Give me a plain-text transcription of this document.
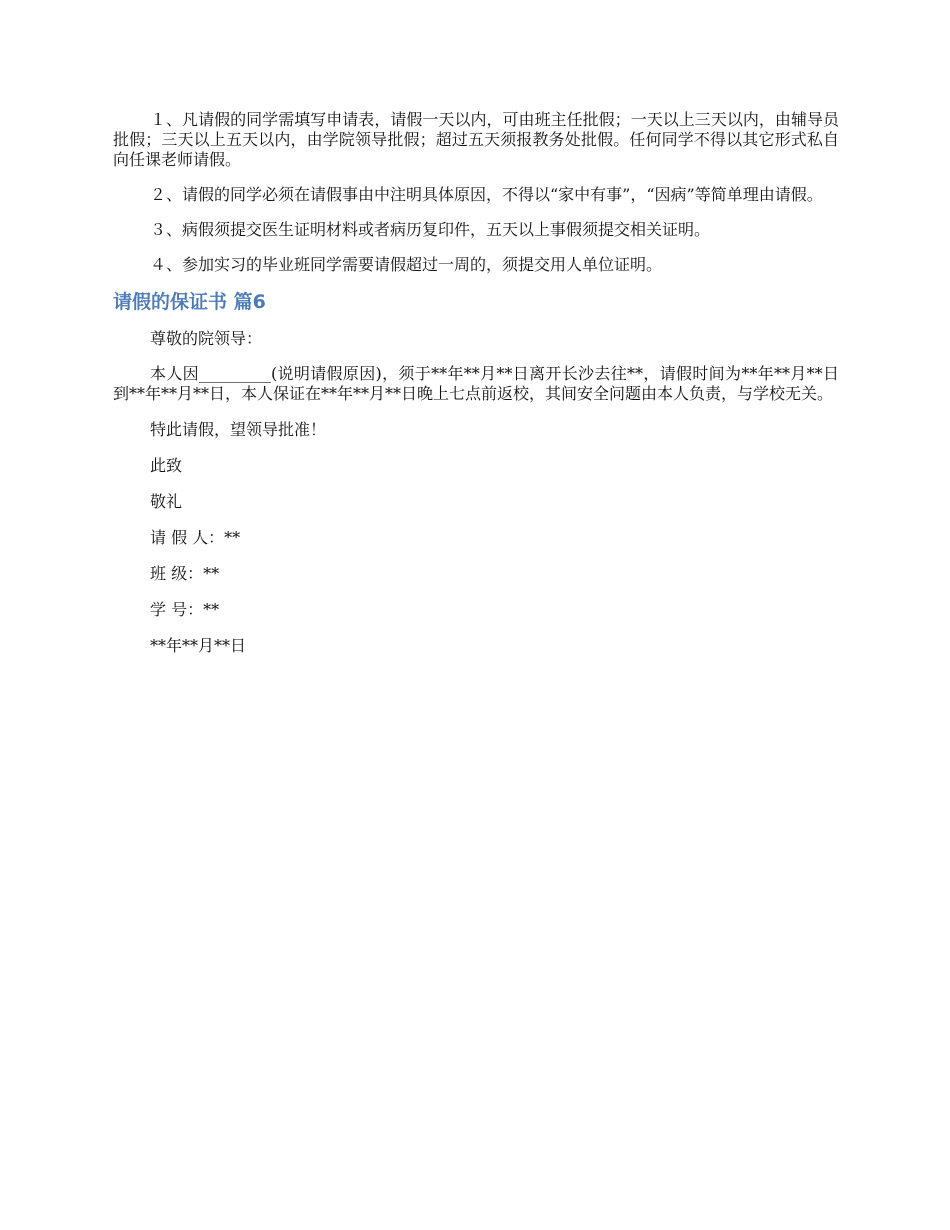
１、凡请假的同学需填写申请表，请假一天以内，可由班主任批假；一天以上三天以内，由辅导员批假；三天以上五天以内，由学院领导批假；超过五天须报教务处批假。任何同学不得以其它形式私自向任课老师请假。

２、请假的同学必须在请假事由中注明具体原因，不得以“家中有事”，“因病”等简单理由请假。

３、病假须提交医生证明材料或者病历复印件，五天以上事假须提交相关证明。

４、参加实习的毕业班同学需要请假超过一周的，须提交用人单位证明。

请假的保证书 篇6
尊敬的院领导：

本人因_________(说明请假原因)，须于**年**月**日离开长沙去往**，请假时间为**年**月**日到**年**月**日，本人保证在**年**月**日晚上七点前返校，其间安全问题由本人负责，与学校无关。

特此请假，望领导批准！
此致
敬礼
请 假 人：**
班 级：**
学 号：**
**年**月**日
